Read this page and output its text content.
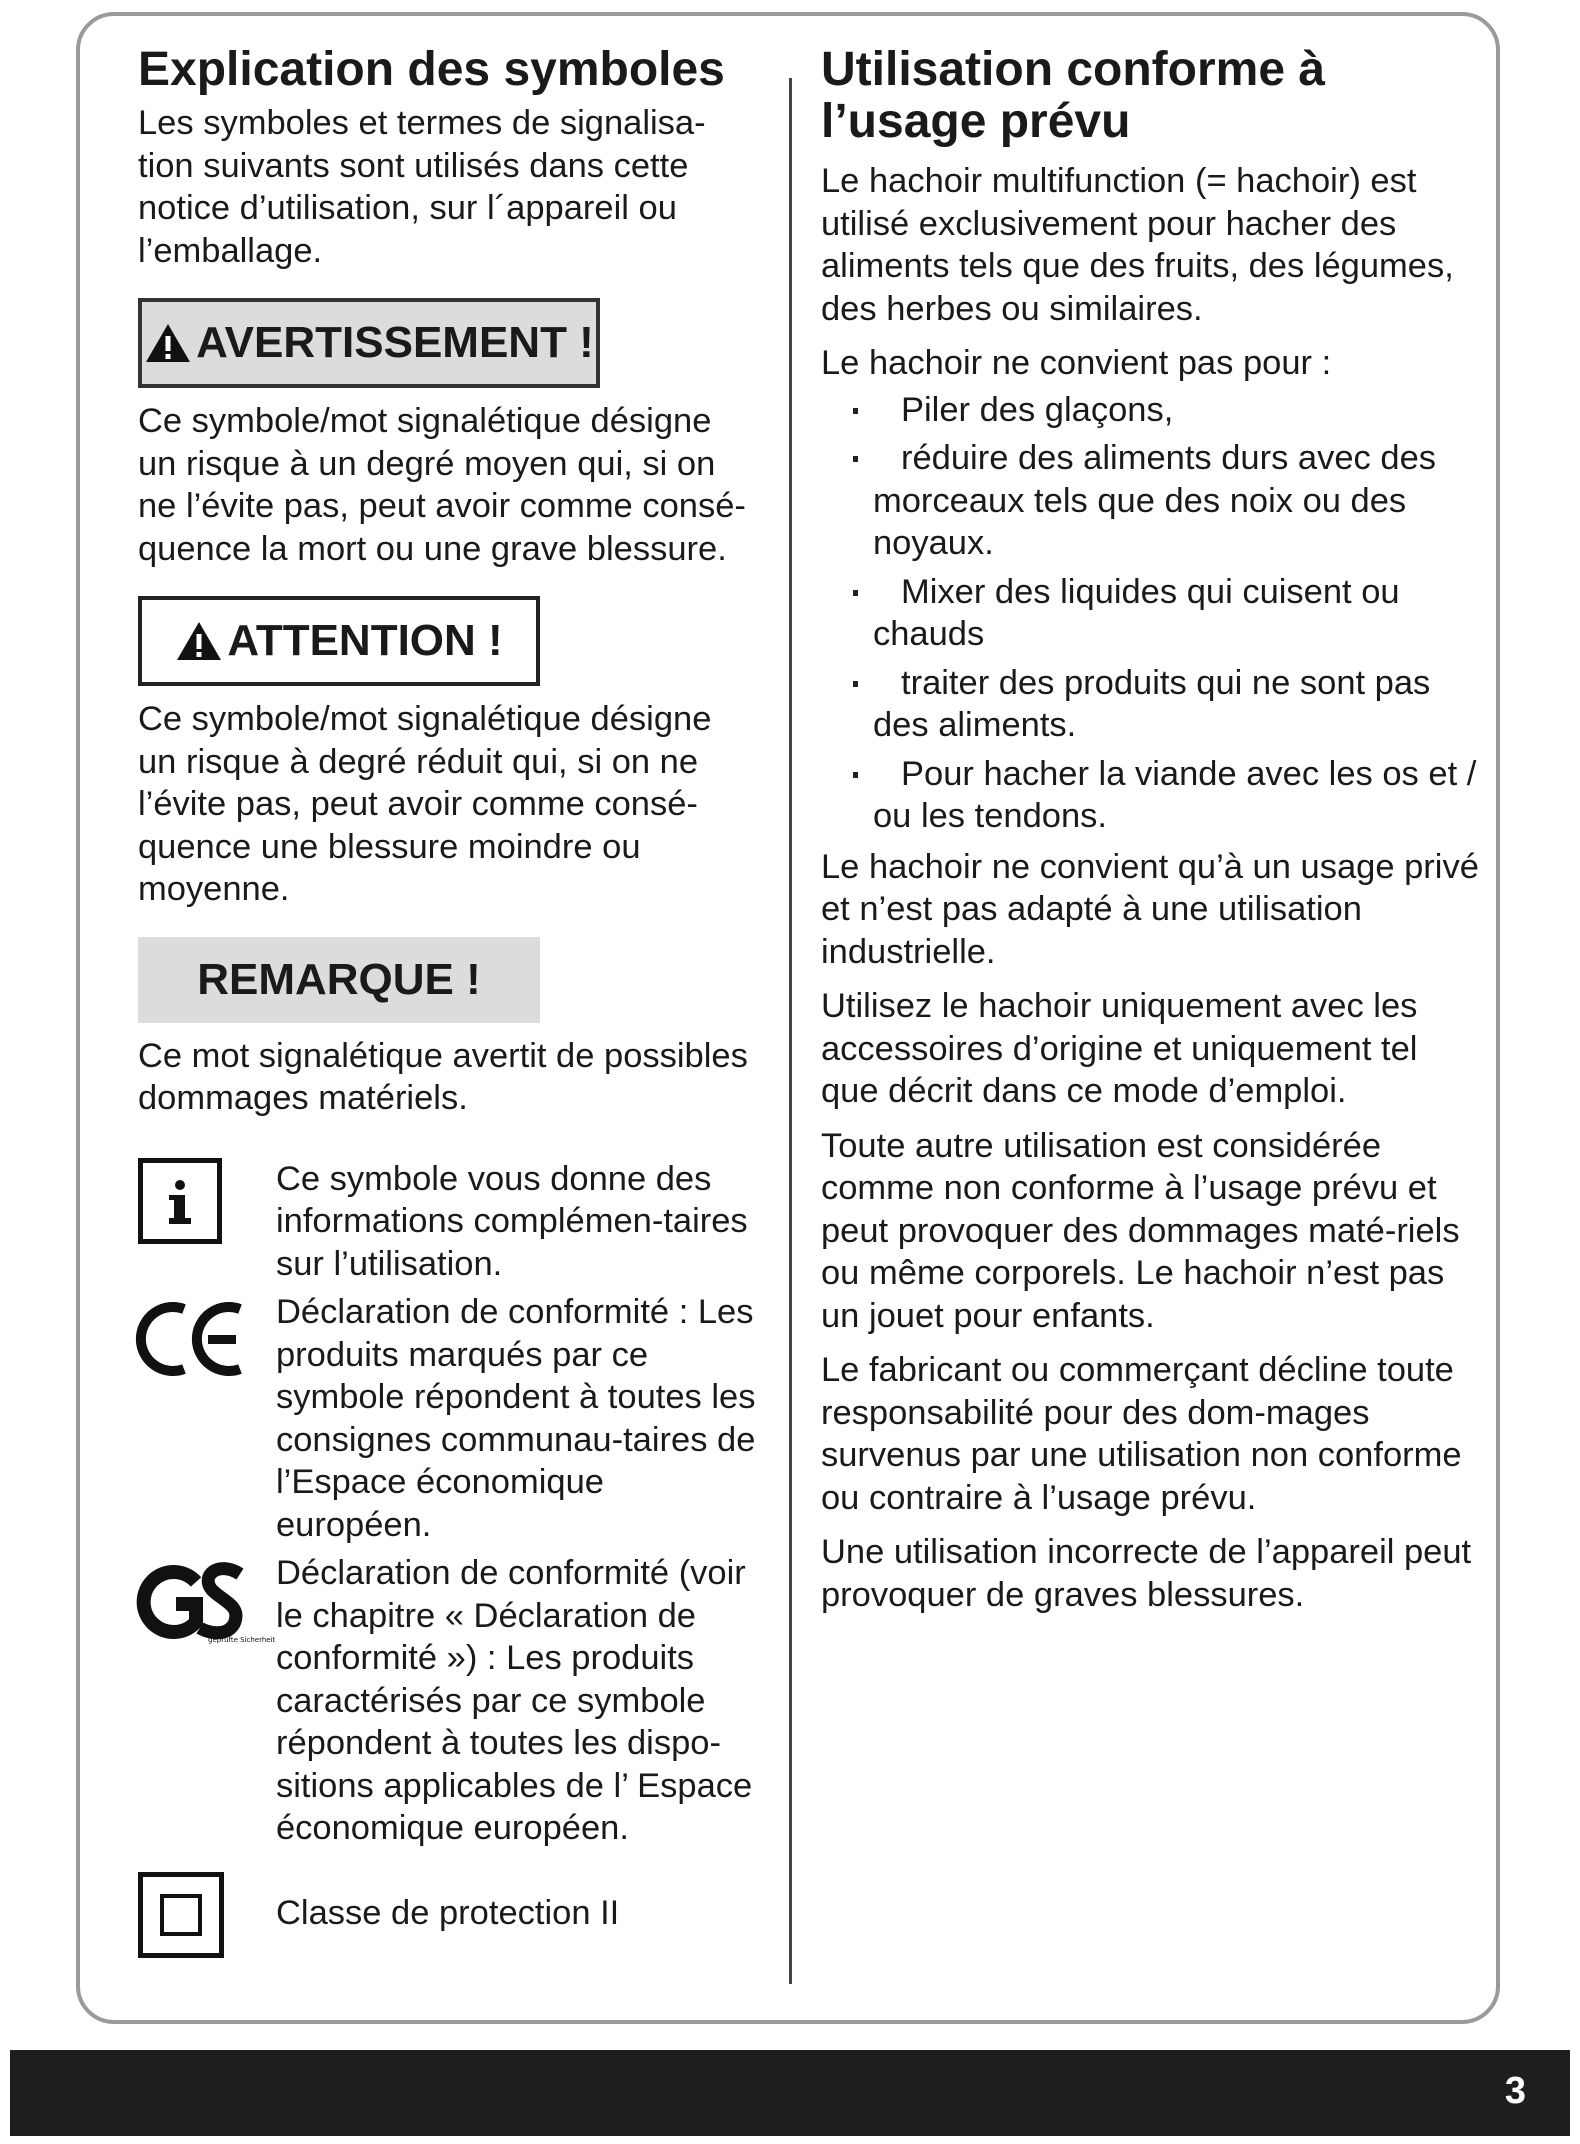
Explication des symboles

Les symboles et termes de signalisa-tion suivants sont utilisés dans cette notice d’utilisation, sur l´appareil ou l’emballage.

AVERTISSEMENT !

Ce symbole/mot signalétique désigne un risque à un degré moyen qui, si on ne l’évite pas, peut avoir comme consé-quence la mort ou une grave blessure.

ATTENTION !

Ce symbole/mot signalétique désigne un risque à degré réduit qui, si on ne l’évite pas, peut avoir comme consé-quence une blessure moindre ou moyenne.

REMARQUE !

Ce mot signalétique avertit de possibles dommages matériels.

Ce symbole vous donne des informations complémen-taires sur l’utilisation.

Déclaration de conformité : Les produits marqués par ce symbole répondent à toutes les consignes communau-taires de l’Espace économique européen.

geprüfte Sicherheit

Déclaration de conformité (voir le chapitre « Déclaration de conformité ») : Les produits caractérisés par ce symbole répondent à toutes les dispo-sitions applicables de l’ Espace économique européen.

Classe de protection II

Utilisation conforme à
l’usage prévu

Le hachoir multifunction (= hachoir) est utilisé exclusivement pour hacher des aliments tels que des fruits, des légumes, des herbes ou similaires.

Le hachoir ne convient pas pour :

Piler des glaçons,
réduire des aliments durs avec des morceaux tels que des noix ou des noyaux.
Mixer des liquides qui cuisent ou chauds
traiter des produits qui ne sont pas des aliments.
Pour hacher la viande avec les os et / ou les tendons.

Le hachoir ne convient qu’à un usage privé et n’est pas adapté à une utilisation industrielle.

Utilisez le hachoir uniquement avec les accessoires d’origine et uniquement tel que décrit dans ce mode d’emploi.

Toute autre utilisation est considérée comme non conforme à l’usage prévu et peut provoquer des dommages maté-riels ou même corporels. Le hachoir n’est pas un jouet pour enfants.

Le fabricant ou commerçant décline toute responsabilité pour des dom-mages survenus par une utilisation non conforme ou contraire à l’usage prévu.

Une utilisation incorrecte de l’appareil peut provoquer de graves blessures.

3
